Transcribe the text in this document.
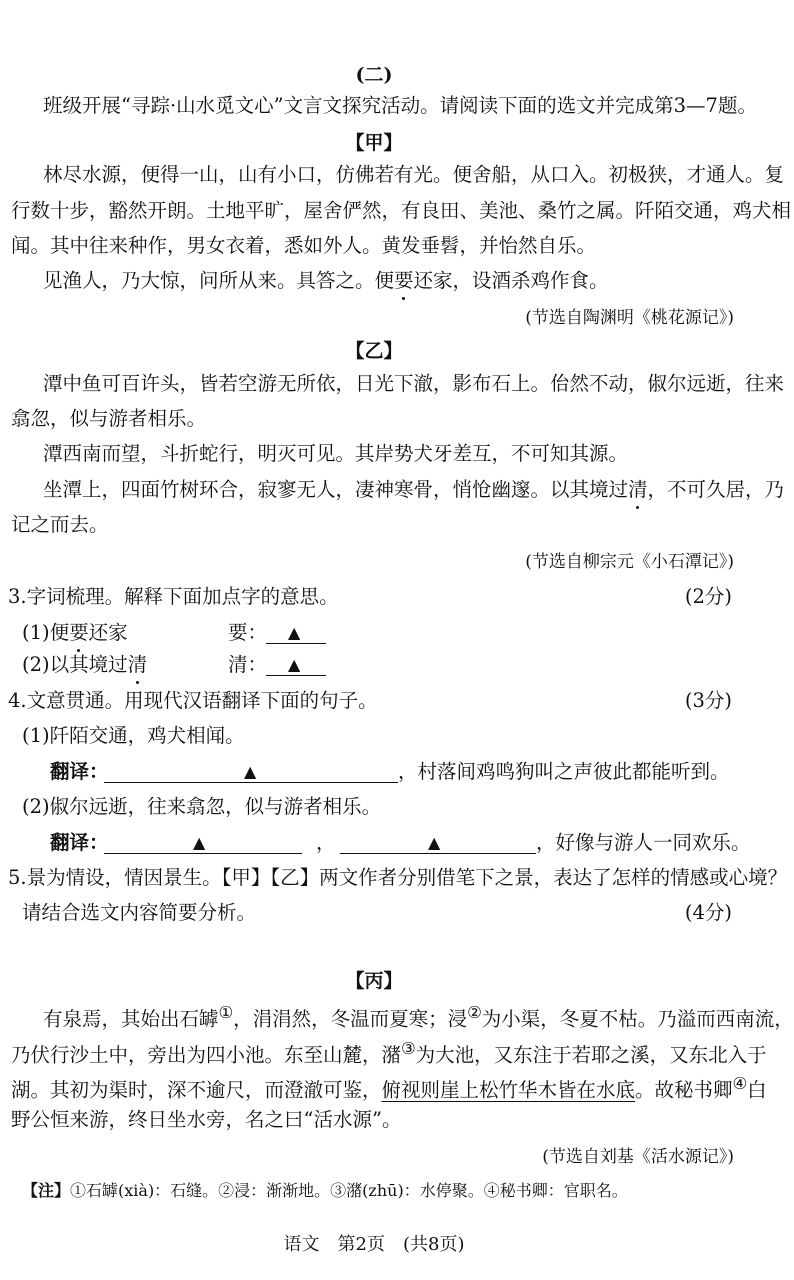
(二)
班级开展“寻踪·山水觅文心”文言文探究活动。请阅读下面的选文并完成第3—7题。
【甲】
林尽水源，便得一山，山有小口，仿佛若有光。便舍船，从口入。初极狭，才通人。复
行数十步，豁然开朗。土地平旷，屋舍俨然，有良田、美池、桑竹之属。阡陌交通，鸡犬相
闻。其中往来种作，男女衣着，悉如外人。黄发垂髫，并怡然自乐。
见渔人，乃大惊，问所从来。具答之。便要还家，设酒杀鸡作食。
(节选自陶渊明《桃花源记》)
【乙】
潭中鱼可百许头，皆若空游无所依，日光下澈，影布石上。佁然不动，俶尔远逝，往来
翕忽，似与游者相乐。
潭西南而望，斗折蛇行，明灭可见。其岸势犬牙差互，不可知其源。
坐潭上，四面竹树环合，寂寥无人，凄神寒骨，悄怆幽邃。以其境过清，不可久居，乃
记之而去。
(节选自柳宗元《小石潭记》)
3.字词梳理。解释下面加点字的意思。	(2分)
(1)便要还家	要： ▲
(2)以其境过清	清： ▲
4.文意贯通。用现代汉语翻译下面的句子。	(3分)
(1)阡陌交通，鸡犬相闻。
翻译：	▲	，村落间鸡鸣狗叫之声彼此都能听到。
(2)俶尔远逝，往来翕忽，似与游者相乐。
翻译：	▲	，	▲	，好像与游人一同欢乐。
5.景为情设，情因景生。【甲】【乙】两文作者分别借笔下之景，表达了怎样的情感或心境？
请结合选文内容简要分析。	(4分)
【丙】
有泉焉，其始出石罅①，涓涓然，冬温而夏寒；浸②为小渠，冬夏不枯。乃溢而西南流，
乃伏行沙土中，旁出为四小池。东至山麓，潴③为大池，又东注于若耶之溪，又东北入于
湖。其初为渠时，深不逾尺，而澄澈可鉴，俯视则崖上松竹华木皆在水底。故秘书卿④白
野公恒来游，终日坐水旁，名之曰“活水源”。
(节选自刘基《活水源记》)
【注】①石罅(xià)：石缝。②浸：渐渐地。③潴(zhū)：水停聚。④秘书卿：官职名。
语文　第2页　(共8页)
